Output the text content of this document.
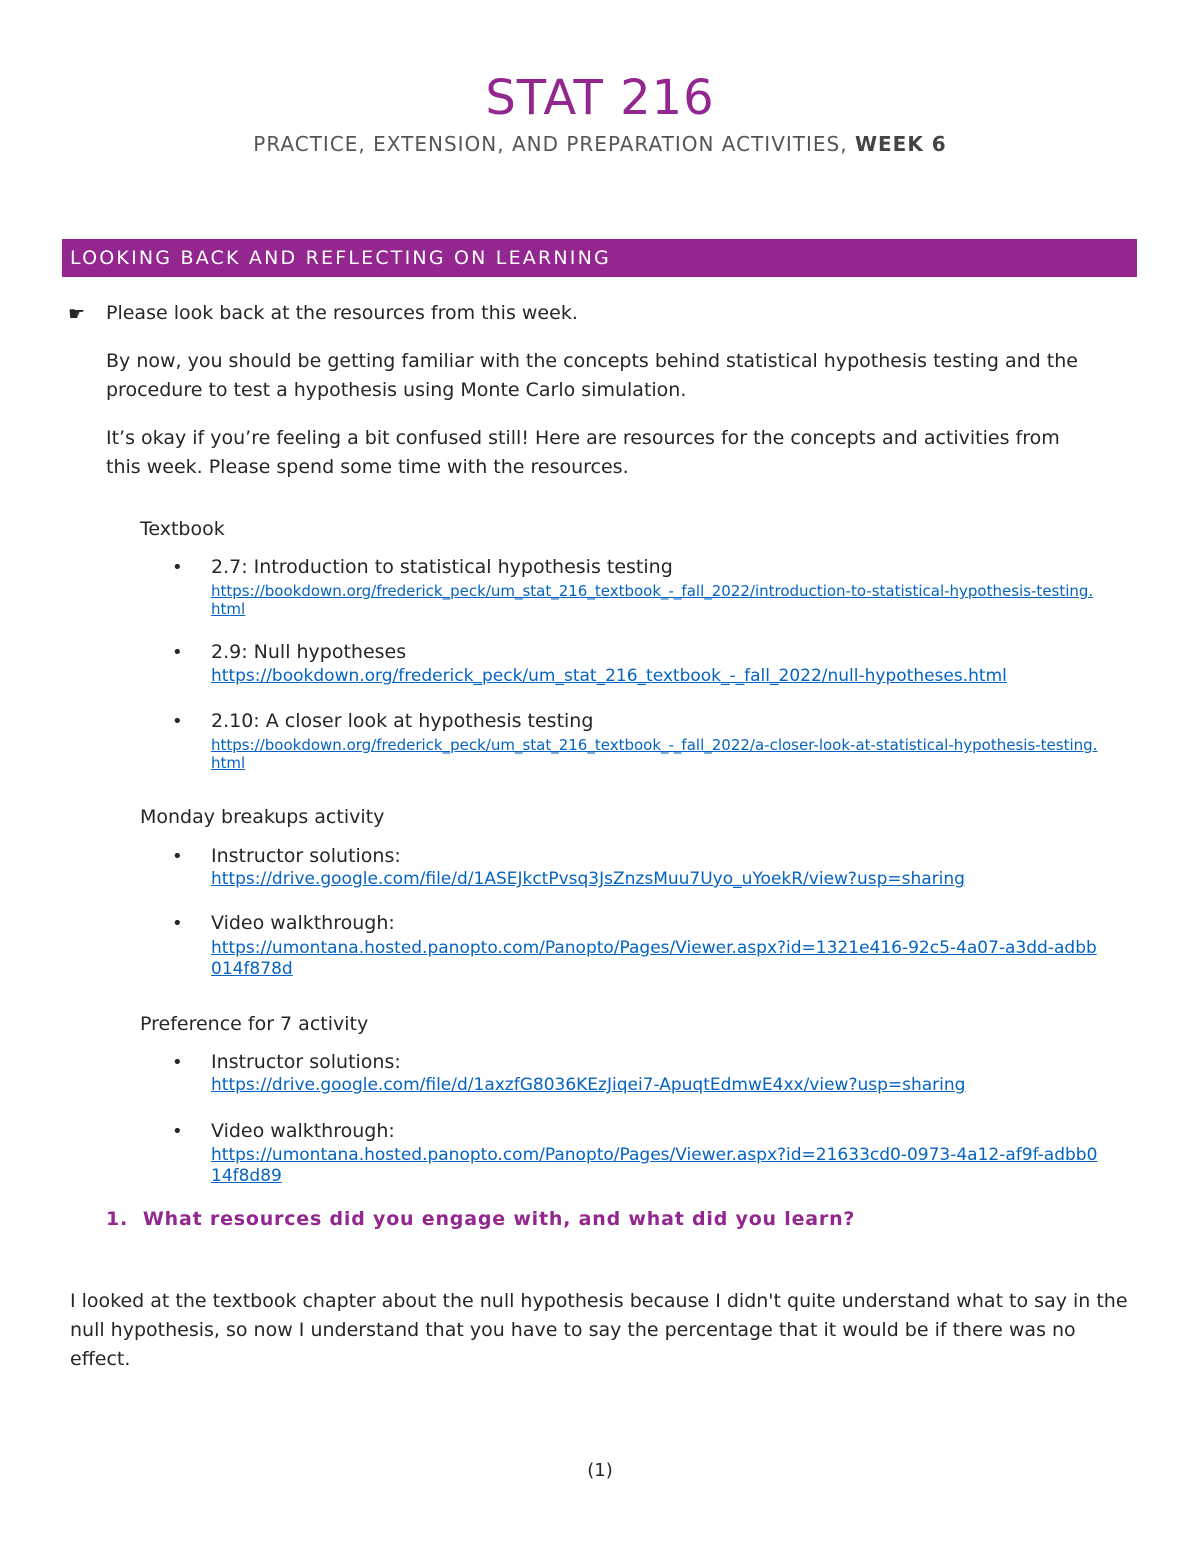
STAT 216
PRACTICE, EXTENSION, AND PREPARATION ACTIVITIES, WEEK 6
LOOKING BACK AND REFLECTING ON LEARNING
☛ Please look back at the resources from this week.
By now, you should be getting familiar with the concepts behind statistical hypothesis testing and the procedure to test a hypothesis using Monte Carlo simulation.
It’s okay if you’re feeling a bit confused still! Here are resources for the concepts and activities from this week. Please spend some time with the resources.
Textbook
• 2.7: Introduction to statistical hypothesis testing
https://bookdown.org/frederick_peck/um_stat_216_textbook_-_fall_2022/introduction-to-statistical-hypothesis-testing.html
• 2.9: Null hypotheses
https://bookdown.org/frederick_peck/um_stat_216_textbook_-_fall_2022/null-hypotheses.html
• 2.10: A closer look at hypothesis testing
https://bookdown.org/frederick_peck/um_stat_216_textbook_-_fall_2022/a-closer-look-at-statistical-hypothesis-testing.html
Monday breakups activity
• Instructor solutions:
https://drive.google.com/file/d/1ASEJkctPvsq3JsZnzsMuu7Uyo_uYoekR/view?usp=sharing
• Video walkthrough:
https://umontana.hosted.panopto.com/Panopto/Pages/Viewer.aspx?id=1321e416-92c5-4a07-a3dd-adbb014f878d
Preference for 7 activity
• Instructor solutions:
https://drive.google.com/file/d/1axzfG8036KEzJiqei7-ApuqtEdmwE4xx/view?usp=sharing
• Video walkthrough:
https://umontana.hosted.panopto.com/Panopto/Pages/Viewer.aspx?id=21633cd0-0973-4a12-af9f-adbb014f8d89
1. What resources did you engage with, and what did you learn?
I looked at the textbook chapter about the null hypothesis because I didn't quite understand what to say in the null hypothesis, so now I understand that you have to say the percentage that it would be if there was no effect.
(1)
